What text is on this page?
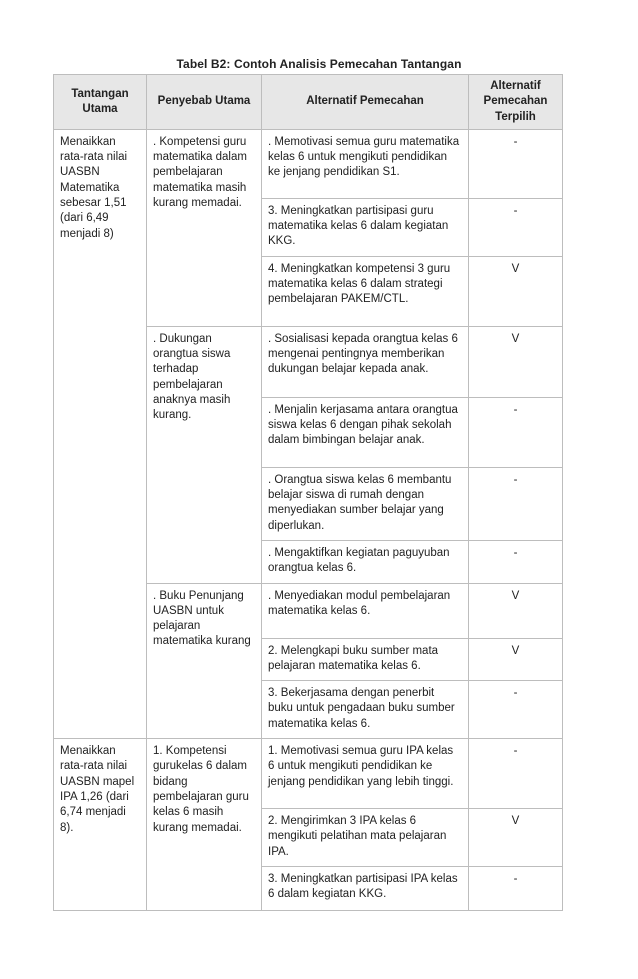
Tabel B2: Contoh Analisis Pemecahan Tantangan
Tantangan Utama	Penyebab Utama	Alternatif Pemecahan	Alternatif Pemecahan Terpilih
Menaikkan rata-rata nilai UASBN Matematika sebesar 1,51 (dari 6,49 menjadi 8)	. Kompetensi guru matematika dalam pembelajaran matematika masih kurang memadai.	. Memotivasi semua guru matematika kelas 6 untuk mengikuti pendidikan ke jenjang pendidikan S1.	-
		3. Meningkatkan partisipasi guru matematika kelas 6 dalam kegiatan KKG.	-
		4. Meningkatkan kompetensi 3 guru matematika kelas 6 dalam strategi pembelajaran PAKEM/CTL.	V
	. Dukungan orangtua siswa terhadap pembelajaran anaknya masih kurang.	. Sosialisasi kepada orangtua kelas 6 mengenai pentingnya memberikan dukungan belajar kepada anak.	V
		. Menjalin kerjasama antara orangtua siswa kelas 6 dengan pihak sekolah dalam bimbingan belajar anak.	-
		. Orangtua siswa kelas 6 membantu belajar siswa di rumah dengan menyediakan sumber belajar yang diperlukan.	-
		. Mengaktifkan kegiatan paguyuban orangtua kelas 6.	-
	. Buku Penunjang UASBN untuk pelajaran matematika kurang	. Menyediakan modul pembelajaran matematika kelas 6.	V
		2. Melengkapi buku sumber mata pelajaran matematika kelas 6.	V
		3. Bekerjasama dengan penerbit buku untuk pengadaan buku sumber matematika kelas 6.	-
Menaikkan rata-rata nilai UASBN mapel IPA 1,26 (dari 6,74 menjadi 8).	1. Kompetensi gurukelas 6 dalam bidang pembelajaran guru kelas 6 masih kurang memadai.	1. Memotivasi semua guru IPA kelas 6 untuk mengikuti pendidikan ke jenjang pendidikan yang lebih tinggi.	-
		2. Mengirimkan 3 IPA kelas 6 mengikuti pelatihan mata pelajaran IPA.	V
		3. Meningkatkan partisipasi IPA kelas 6 dalam kegiatan KKG.	-
